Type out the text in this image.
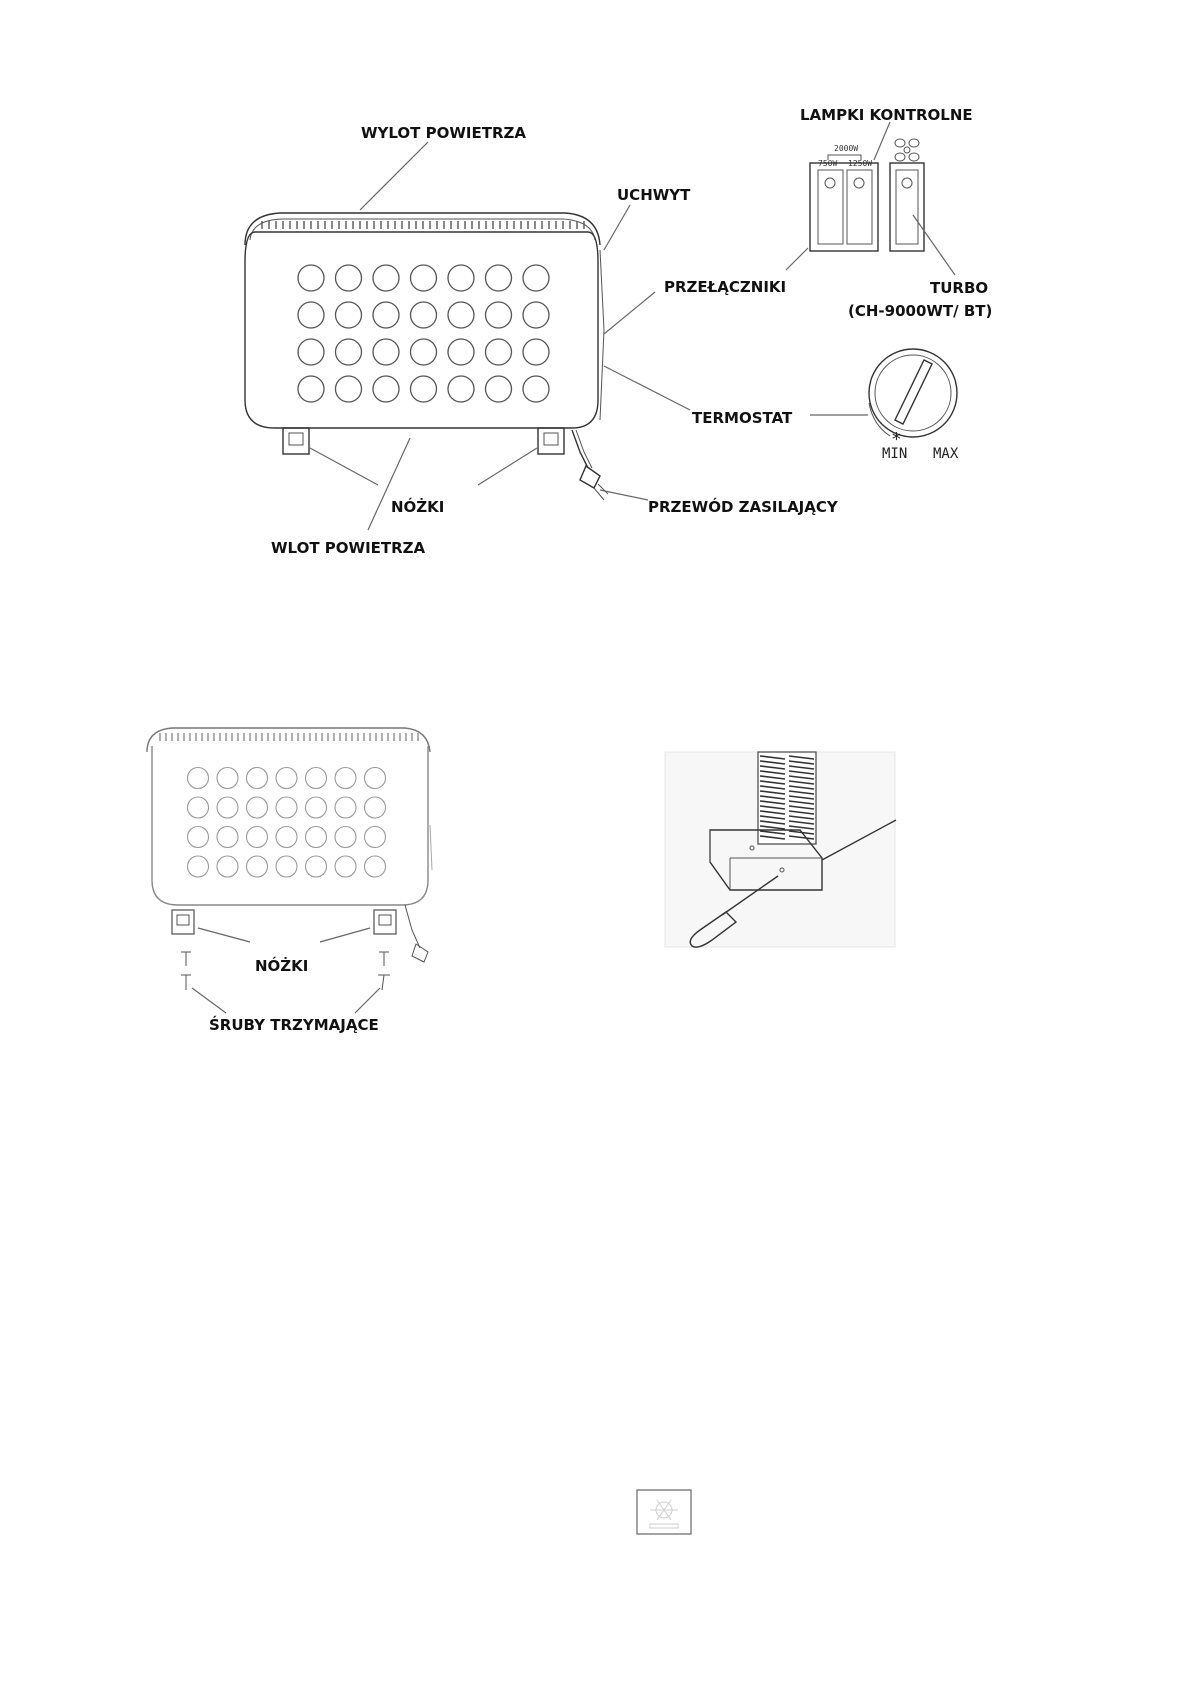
2000W
750W 1250W
*
MIN MAX
WYLOT POWIETRZA
LAMPKI KONTROLNE
UCHWYT
PRZEŁĄCZNIKI	TURBO
(CH-9000WT/ BT)
TERMOSTAT
NÓŻKI	PRZEWÓD ZASILAJĄCY
WLOT POWIETRZA
NÓŻKI
ŚRUBY TRZYMAJĄCE
